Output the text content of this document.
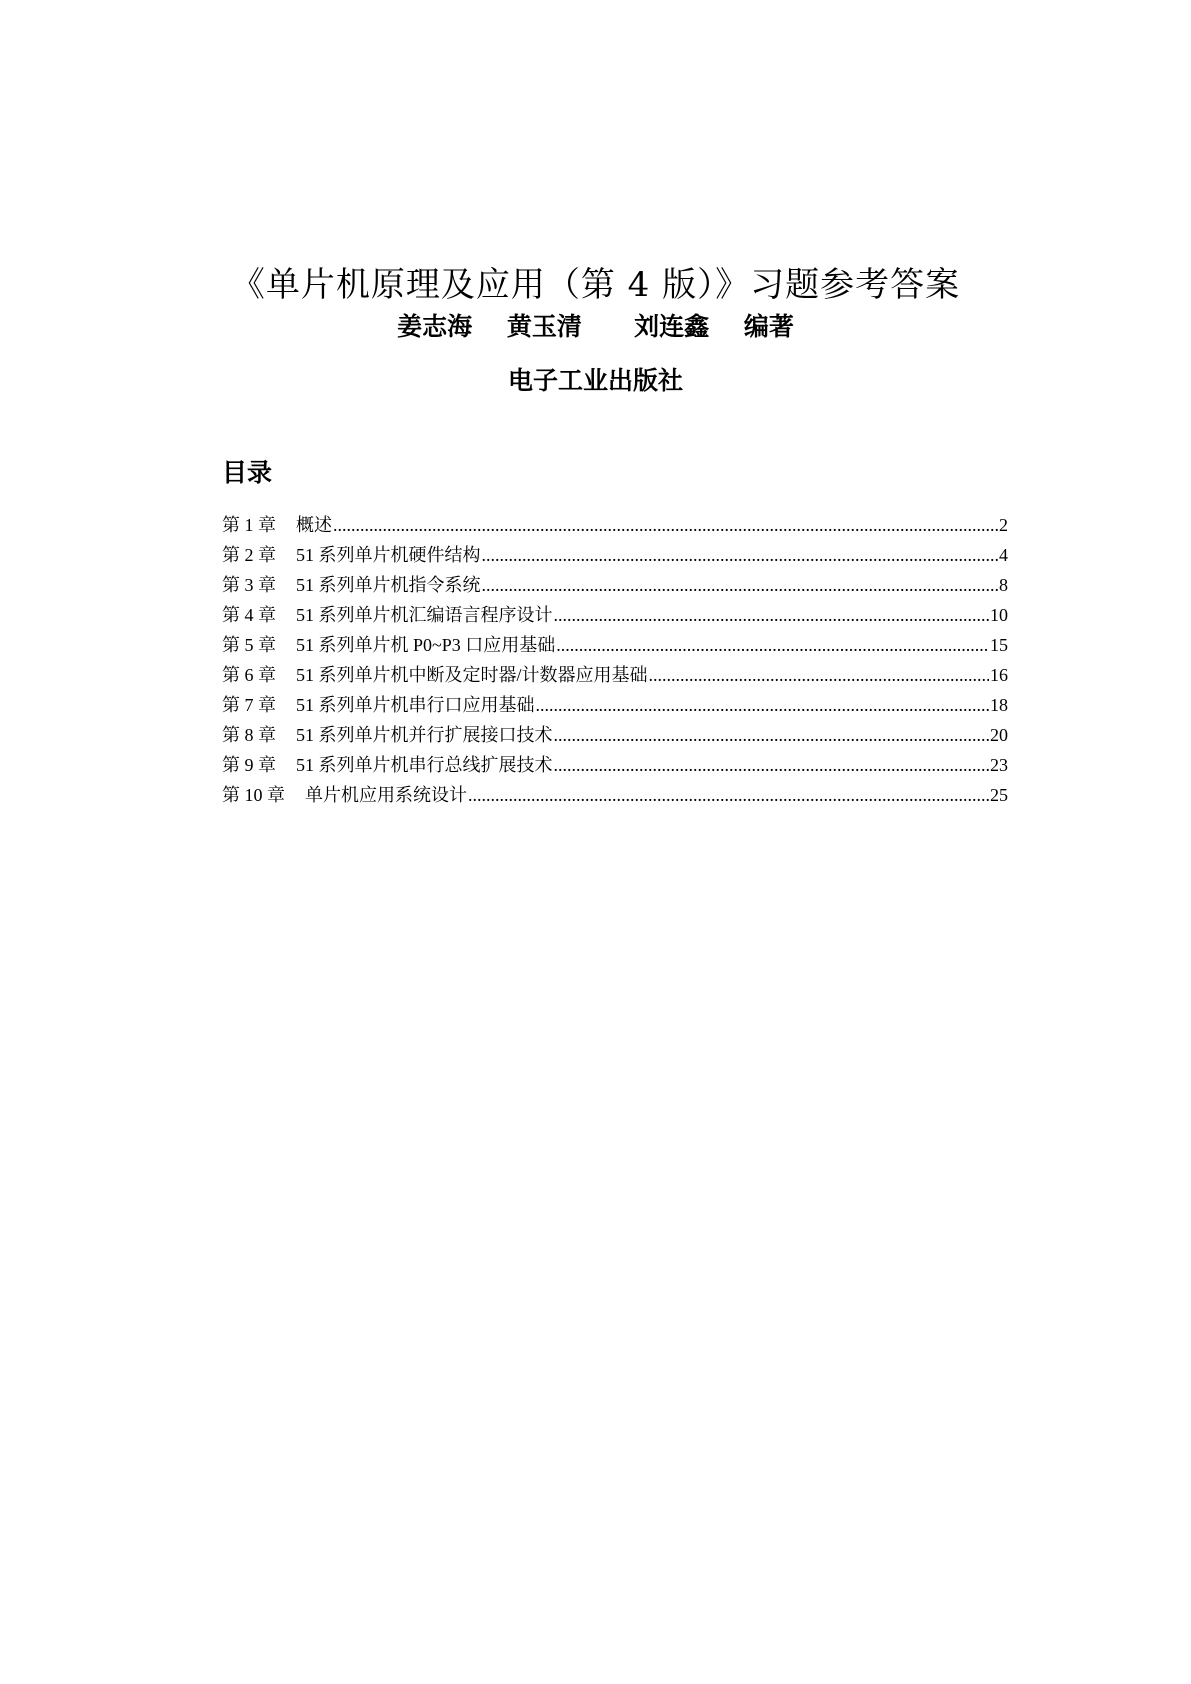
《单片机原理及应用（第 4 版）》习题参考答案
姜志海    黄玉清      刘连鑫    编著
电子工业出版社
目录
第 1 章 概述 .....	2
第 2 章 51 系列单片机硬件结构 .....	4
第 3 章 51 系列单片机指令系统 .....	8
第 4 章 51 系列单片机汇编语言程序设计 .....	10
第 5 章 51 系列单片机 P0~P3 口应用基础 .....	15
第 6 章 51 系列单片机中断及定时器/计数器应用基础 .....	16
第 7 章 51 系列单片机串行口应用基础 .....	18
第 8 章 51 系列单片机并行扩展接口技术 .....	20
第 9 章 51 系列单片机串行总线扩展技术 .....	23
第 10 章 单片机应用系统设计 .....	25
